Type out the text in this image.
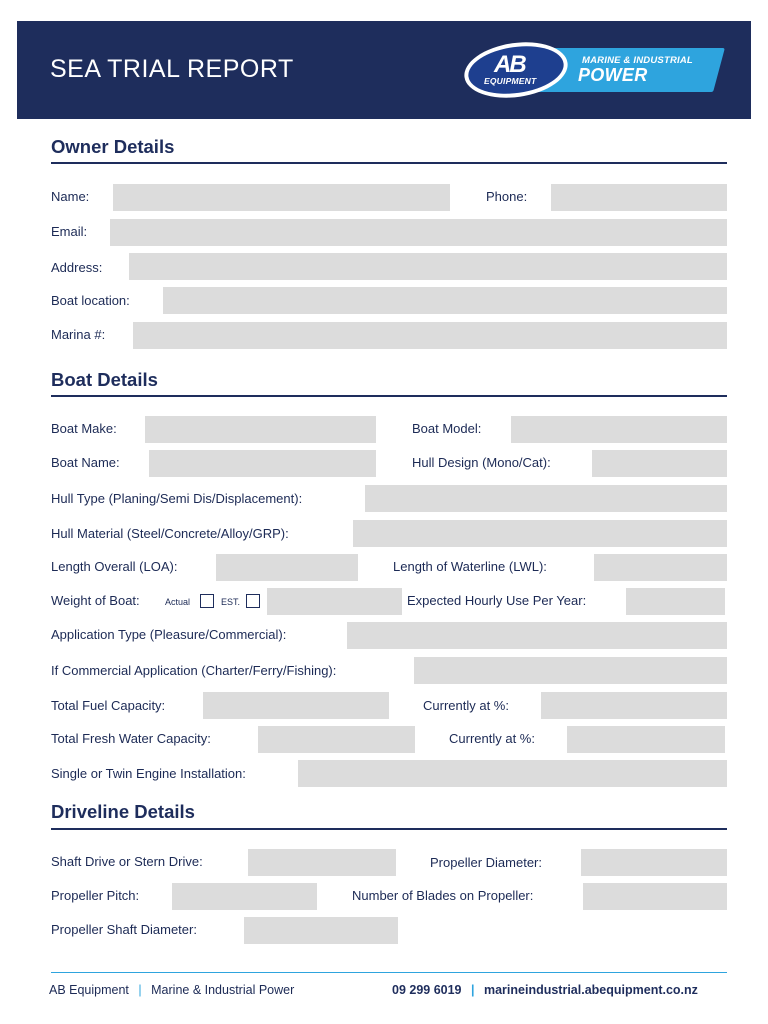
SEA TRIAL REPORT	MARINE & INDUSTRIAL
POWER
AB
EQUIPMENT
Owner Details
Name:	Phone:
Email:
Address:
Boat location:
Marina #:
Boat Details
Boat Make:	Boat Model:
Boat Name:	Hull Design (Mono/Cat):
Hull Type (Planing/Semi Dis/Displacement):
Hull Material (Steel/Concrete/Alloy/GRP):
Length Overall (LOA):	Length of Waterline (LWL):
Weight of Boat:	Actual	EST.	Expected Hourly Use Per Year:
Application Type (Pleasure/Commercial):
If Commercial Application (Charter/Ferry/Fishing):
Total Fuel Capacity:	Currently at %:
Total Fresh Water Capacity:	Currently at %:
Single or Twin Engine Installation:
Driveline Details
Shaft Drive or Stern Drive:	Propeller Diameter:
Propeller Pitch:	Number of Blades on Propeller:
Propeller Shaft Diameter:
AB Equipment | Marine & Industrial Power	09 299 6019 | marineindustrial.abequipment.co.nz
